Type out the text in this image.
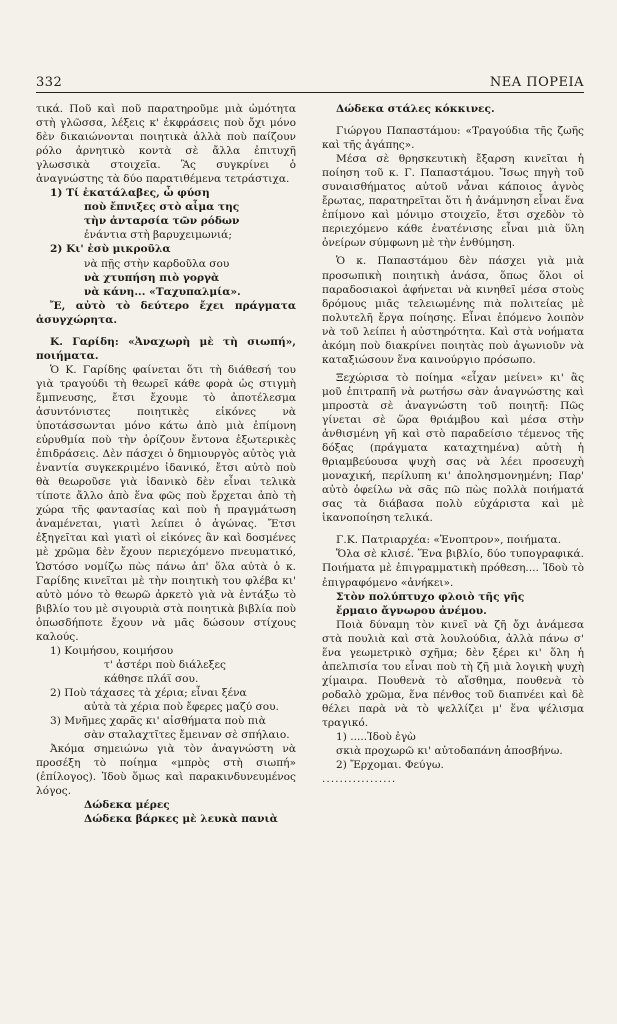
332	ΝΕΑ ΠΟΡΕΙΑ

τικά. Ποῦ καὶ ποῦ παρατηροῦμε μιὰ ὠμότητα στὴ γλῶσσα, λέξεις κ' ἐκφράσεις ποὺ ὄχι μόνο δὲν δικαιώνονται ποιητικὰ ἀλλὰ ποὺ παίζουν ρόλο ἀρνητικὸ κοντὰ σὲ ἄλλα ἐπιτυχῆ γλωσσικὰ στοιχεῖα. Ἂς συγκρίνει ὁ ἀναγνώστης τὰ δύο παρατιθέμενα τετράστιχα.

1) Τί ἐκατάλαβες, ὦ φύση
ποὺ ἔπνιξες στὸ αἷμα της
τὴν ἀνταρσία τῶν ρόδων
ἐνάντια στὴ βαρυχειμωνιά;
2) Κι' ἐσὺ μικροῦλα
νὰ πῇς στὴν καρδοῦλα σου
νὰ χτυπήση πιὸ γοργὰ
νὰ κάνη... «Ταχυπαλμία».

Ἔ, αὐτὸ τὸ δεύτερο ἔχει πράγματα ἀσυγχώρητα.

Κ. Γαρίδη: «Ἀναχωρὴ μὲ τὴ σιωπή», ποιήματα.

Ὁ Κ. Γαρίδης φαίνεται ὅτι τὴ διάθεσή του γιὰ τραγούδι τὴ θεωρεῖ κάθε φορὰ ὡς στιγμὴ ἔμπνευσης, ἔτσι ἔχουμε τὸ ἀποτέλεσμα ἀσυντόνιστες ποιητικὲς εἰκόνες νὰ ὑποτάσσωνται μόνο κάτω ἀπὸ μιὰ ἐπίμονη εὐρυθμία ποὺ τὴν ὁρίζουν ἔντονα ἐξωτερικὲς ἐπιδράσεις. Δὲν πάσχει ὁ δημιουργὸς αὐτὸς γιὰ ἐναντία συγκεκριμένο ἰδανικό, ἔτσι αὐτὸ ποὺ θὰ θεωροῦσε γιὰ ἰδανικὸ δὲν εἶναι τελικὰ τίποτε ἄλλο ἀπὸ ἕνα φῶς ποὺ ἔρχεται ἀπὸ τὴ χώρα τῆς φαντασίας καὶ ποὺ ἡ πραγμάτωση ἀναμένεται, γιατὶ λείπει ὁ ἀγώνας. Ἔτσι ἐξηγεῖται καὶ γιατὶ οἱ εἰκόνες ἂν καὶ δοσμένες μὲ χρῶμα δὲν ἔχουν περιεχόμενο πνευματικό, Ὡστόσο νομίζω πὼς πάνω ἀπ' ὅλα αὐτὰ ὁ κ. Γαρίδης κινεῖται μὲ τὴν ποιητικὴ του φλέβα κι' αὐτὸ μόνο τὸ θεωρῶ ἀρκετὸ γιὰ νὰ ἐντάξω τὸ βιβλίο του μὲ σιγουριὰ στὰ ποιητικὰ βιβλία ποὺ ὁπωσδήποτε ἔχουν νὰ μᾶς δώσουν στίχους καλούς.

1) Κοιμήσου, κοιμήσου
τ' ἀστέρι ποὺ διάλεξες
κάθησε πλάϊ σου.
2) Ποὺ τάχασες τὰ χέρια; εἶναι ξένα
αὐτὰ τὰ χέρια ποὺ ἔφερες μαζύ σου.
3) Μνῆμες χαρᾶς κι' αἰσθήματα ποὺ πιὰ
σὰν σταλαχτῖτες ἔμειναν σὲ σπήλαιο.

Ἀκόμα σημειώνω γιὰ τὸν ἀναγνώστη νὰ προσέξη τὸ ποίημα «μπρὸς στὴ σιωπή» (ἐπίλογος). Ἰδοὺ ὅμως καὶ παρακινδυνευμένος λόγος.

Δώδεκα μέρες
Δώδεκα βάρκες μὲ λευκὰ πανιὰ

Δώδεκα στάλες κόκκινες.

Γιώργου Παπαστάμου: «Τραγούδια τῆς ζωῆς καὶ τῆς ἀγάπης».

Μέσα σὲ θρησκευτικὴ ἔξαρση κινεῖται ἡ ποίηση τοῦ κ. Γ. Παπαστάμου. Ἴσως πηγὴ τοῦ συναισθήματος αὐτοῦ νἆναι κάποιος ἁγνὸς ἔρωτας, παρατηρεῖται ὅτι ἡ ἀνάμνηση εἶναι ἕνα ἐπίμονο καὶ μόνιμο στοιχεῖο, ἔτσι σχεδὸν τὸ περιεχόμενο κάθε ἐνατένισης εἶναι μιὰ ὕλη ὀνείρων σύμφωνη μὲ τὴν ἐνθύμηση.

Ὁ κ. Παπαστάμου δὲν πάσχει γιὰ μιὰ προσωπικὴ ποιητικὴ ἀνάσα, ὅπως ὅλοι οἱ παραδοσιακοὶ ἀφήνεται νὰ κινηθεῖ μέσα στοὺς δρόμους μιᾶς τελειωμένης πιὰ πολιτείας μὲ πολυτελῆ ἔργα ποίησης. Εἶναι ἑπόμενο λοιπὸν νὰ τοῦ λείπει ἡ αὐστηρότητα. Καὶ στὰ νοήματα ἀκόμη ποὺ διακρίνει ποιητὰς ποὺ ἀγωνιοῦν νὰ καταξιώσουν ἕνα καινούργιο πρόσωπο.

Ξεχώρισα τὸ ποίημα «εἶχαν μείνει» κι' ἂς μοῦ ἐπιτραπῆ νὰ ρωτήσω σὰν ἀναγνώστης καὶ μπροστὰ σὲ ἀναγνώστη τοῦ ποιητῆ: Πῶς γίνεται σὲ ὥρα θριάμβου καὶ μέσα στὴν ἀνθισμένη γῆ καὶ στὸ παραδείσιο τέμενος τῆς δόξας (πράγματα καταχτημένα) αὐτὴ ἡ θριαμβεύουσα ψυχὴ σας νὰ λέει προσευχὴ μοναχική, περίλυπη κι' ἀπολησμονημένη; Παρ' αὐτὸ ὀφείλω νὰ σᾶς πῶ πὼς πολλὰ ποιήματά σας τὰ διάβασα πολὺ εὐχάριστα καὶ μὲ ἱκανοποίηση τελικά.

Γ.Κ. Πατριαρχέα: «Ἐνοπτρον», ποιήματα.

Ὅλα σὲ κλισέ. Ἕνα βιβλίο, δύο τυπογραφικά. Ποιήματα μὲ ἐπιγραμματικὴ πρόθεση.... Ἰδοὺ τὸ ἐπιγραφόμενο «ἀνήκει».

Στὸν πολύπτυχο φλοιὸ τῆς γῆς
ἔρμαιο ἄγνωρου ἀνέμου.

Ποιὰ δύναμη τὸν κινεῖ νὰ ζῆ ὄχι ἀνάμεσα στὰ πουλιὰ καὶ στὰ λουλούδια, ἀλλὰ πάνω σ' ἕνα γεωμετρικὸ σχῆμα; δὲν ξέρει κι' ὅλη ἡ ἀπελπισία του εἶναι ποὺ τὴ ζῆ μιὰ λογικὴ ψυχὴ χίμαιρα. Πουθενὰ τὸ αἴσθημα, πουθενὰ τὸ ροδαλὸ χρῶμα, ἕνα πένθος τοῦ διαπνέει καὶ δὲ θέλει παρὰ νὰ τὸ ψελλίζει μ' ἕνα ψέλισμα τραγικό.

1) .....Ἰδοὺ ἐγὼ
σκιὰ προχωρῶ κι' αὐτοδαπάνη ἀποσβήνω.
2) Ἔρχομαι. Φεύγω.

.................
